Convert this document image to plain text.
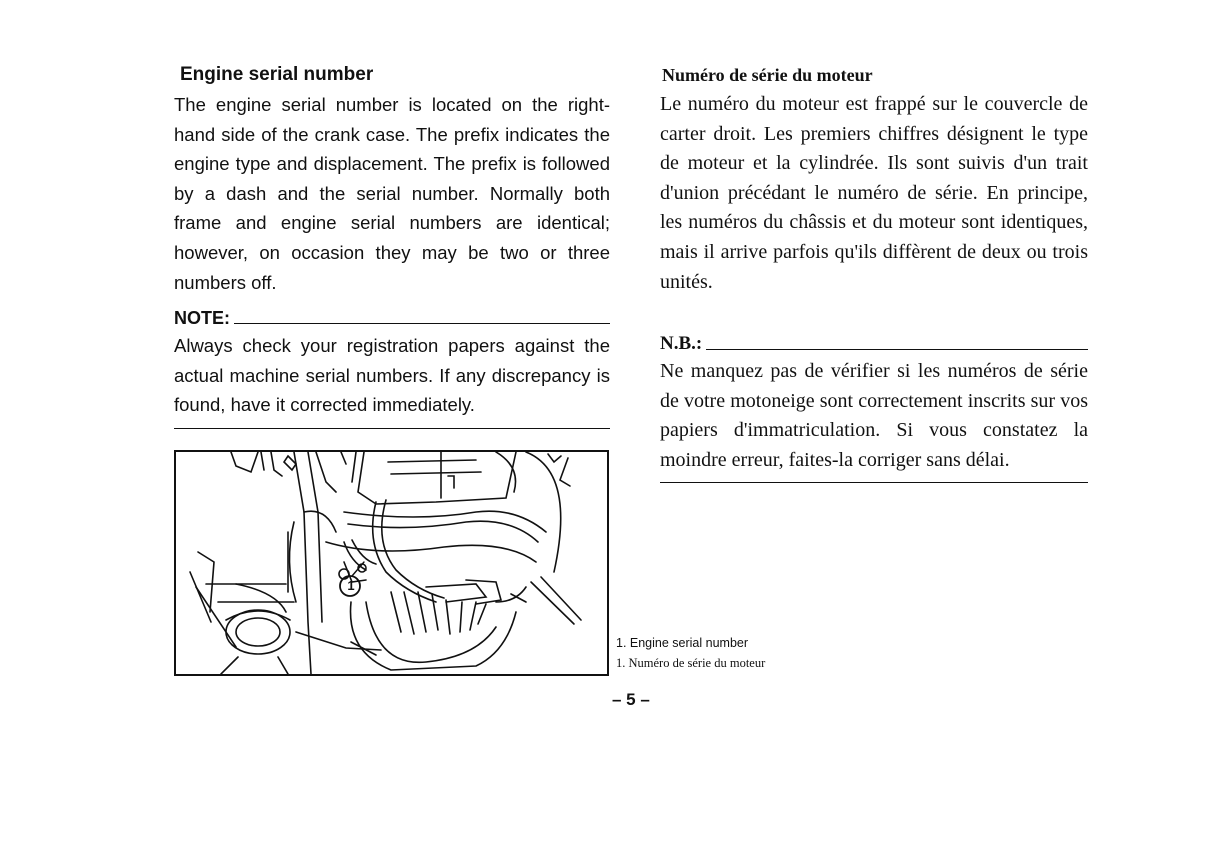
Engine serial number

The engine serial number is located on the right-hand side of the crank case. The prefix indicates the engine type and displacement. The prefix is followed by a dash and the serial number. Normally both frame and engine serial numbers are identical; however, on occasion they may be two or three numbers off.

NOTE:

Always check your registration papers against the actual machine serial numbers. If any discrepancy is found, have it corrected immediately.

Numéro de série du moteur

Le numéro du moteur est frappé sur le couvercle de carter droit. Les premiers chiffres désignent le type de moteur et la cylindrée. Ils sont suivis d'un trait d'union précédant le numéro de série. En principe, les numéros du châssis et du moteur sont identiques, mais il arrive parfois qu'ils diffèrent de deux ou trois unités.

N.B.:

Ne manquez pas de vérifier si les numéros de série de votre motoneige sont correctement inscrits sur vos papiers d'immatriculation. Si vous constatez la moindre erreur, faites-la corriger sans délai.

1
1. Engine serial number
1. Numéro de série du moteur
– 5 –
